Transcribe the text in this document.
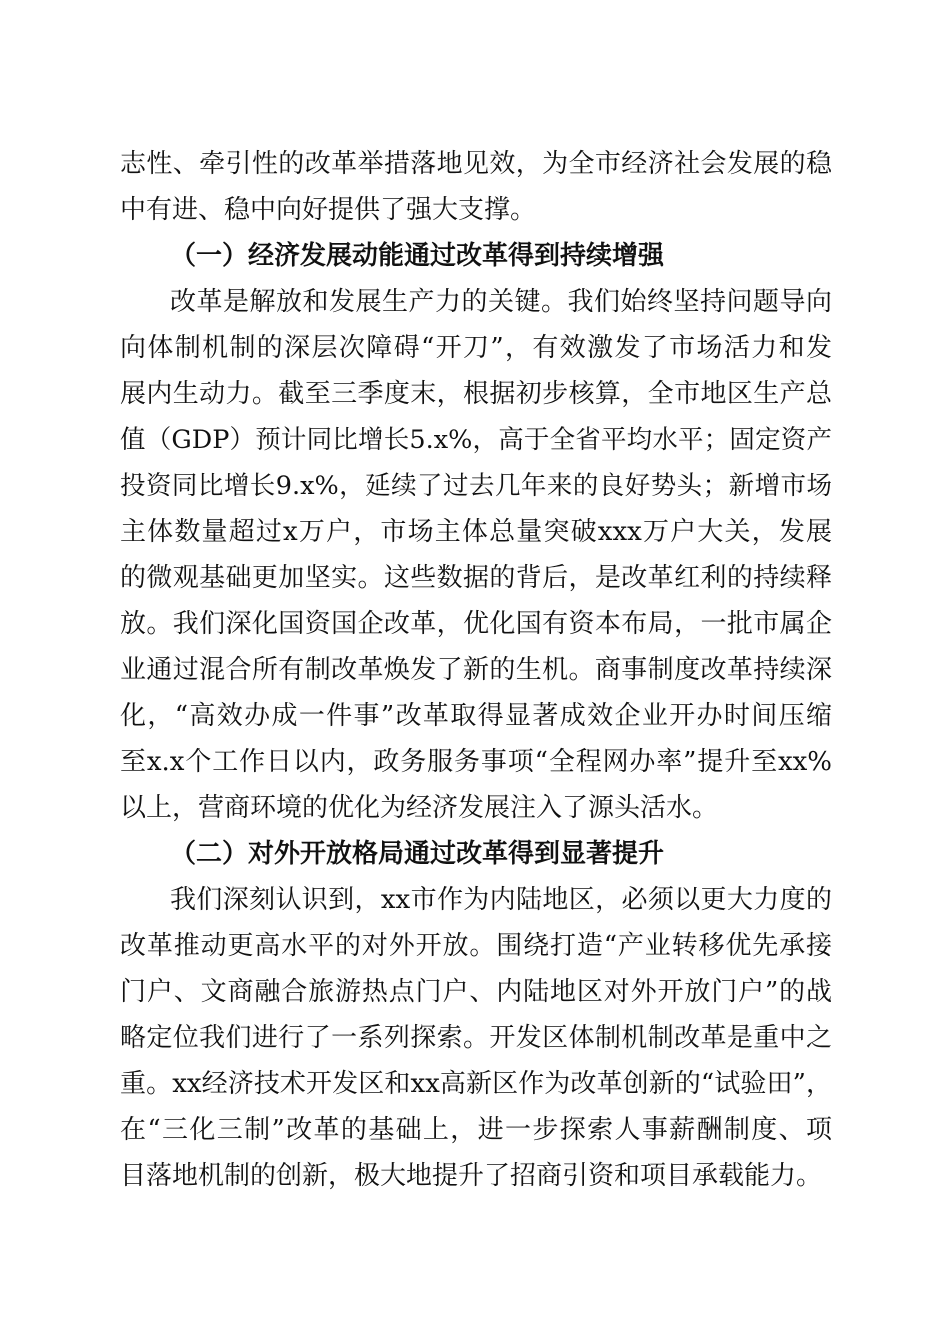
志性、牵引性的改革举措落地见效，为全市经济社会发展的稳
中有进、稳中向好提供了强大支撑。
（一）经济发展动能通过改革得到持续增强
改革是解放和发展生产力的关键。我们始终坚持问题导向
向体制机制的深层次障碍“开刀”，有效激发了市场活力和发
展内生动力。截至三季度末，根据初步核算，全市地区生产总
值（GDP）预计同比增长5.x%，高于全省平均水平；固定资产
投资同比增长9.x%，延续了过去几年来的良好势头；新增市场
主体数量超过x万户，市场主体总量突破xxx万户大关，发展
的微观基础更加坚实。这些数据的背后，是改革红利的持续释
放。我们深化国资国企改革，优化国有资本布局，一批市属企
业通过混合所有制改革焕发了新的生机。商事制度改革持续深
化，“高效办成一件事”改革取得显著成效企业开办时间压缩
至x.x个工作日以内，政务服务事项“全程网办率”提升至xx%
以上，营商环境的优化为经济发展注入了源头活水。
（二）对外开放格局通过改革得到显著提升
我们深刻认识到，xx市作为内陆地区，必须以更大力度的
改革推动更高水平的对外开放。围绕打造“产业转移优先承接
门户、文商融合旅游热点门户、内陆地区对外开放门户”的战
略定位我们进行了一系列探索。开发区体制机制改革是重中之
重。xx经济技术开发区和xx高新区作为改革创新的“试验田”，
在“三化三制”改革的基础上，进一步探索人事薪酬制度、项
目落地机制的创新，极大地提升了招商引资和项目承载能力。
